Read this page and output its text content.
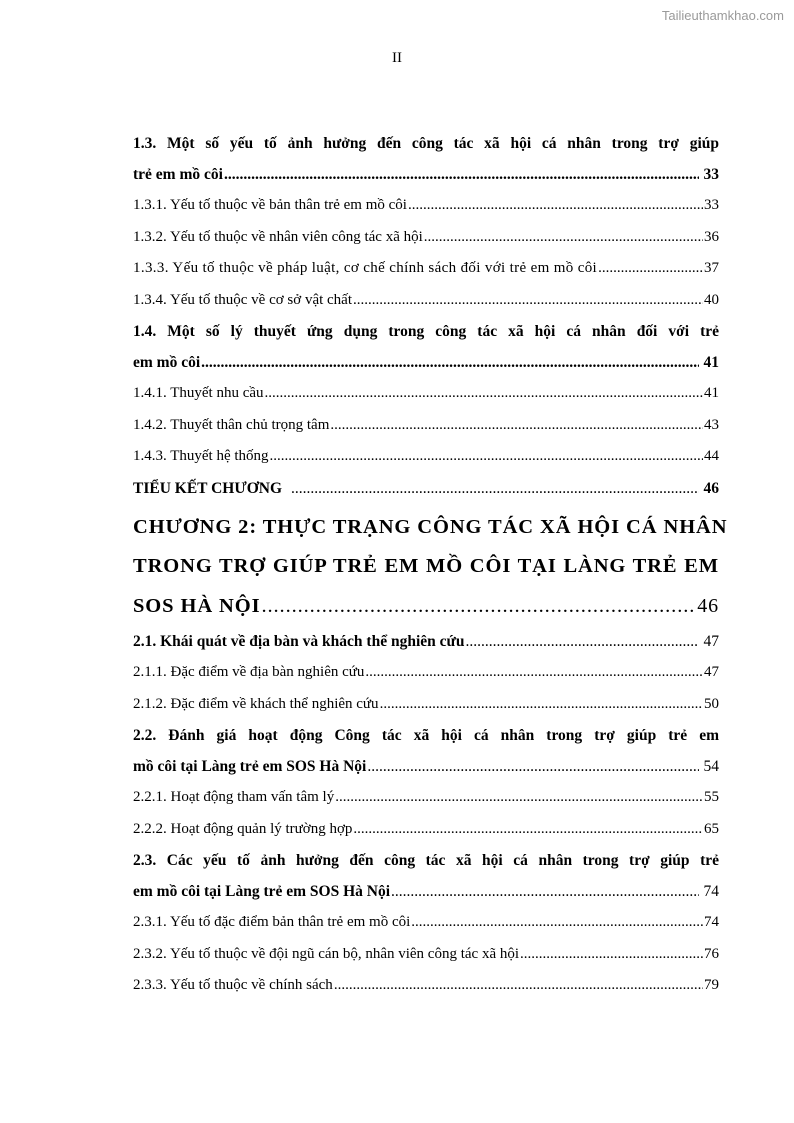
Tailieuthamkhao.com
II
1.3. Một số yếu tố ảnh hưởng đến công tác xã hội cá nhân trong trợ giúp
trẻ em mồ côi .....	33
1.3.1. Yếu tố thuộc về bản thân trẻ em mồ côi .....	33
1.3.2. Yếu tố thuộc về nhân viên công tác xã hội .....	36
1.3.3. Yếu tố thuộc về pháp luật, cơ chế chính sách đối với trẻ em mồ côi .....	37
1.3.4. Yếu tố thuộc về cơ sở vật chất .....	40
1.4. Một số lý thuyết ứng dụng trong công tác xã hội cá nhân đối với trẻ
em mồ côi .....	41
1.4.1. Thuyết nhu cầu .....	41
1.4.2. Thuyết thân chủ trọng tâm .....	43
1.4.3. Thuyết hệ thống .....	44
TIỂU KẾT CHƯƠNG .....	46
CHƯƠNG 2: THỰC TRẠNG CÔNG TÁC XÃ HỘI CÁ NHÂN
TRONG TRỢ GIÚP TRẺ EM MỒ CÔI TẠI LÀNG TRẺ EM
SOS HÀ NỘI .....	46
2.1. Khái quát về địa bàn và khách thể nghiên cứu .....	47
2.1.1. Đặc điểm về địa bàn nghiên cứu .....	47
2.1.2. Đặc điểm về khách thể nghiên cứu .....	50
2.2. Đánh giá hoạt động Công tác xã hội cá nhân trong trợ giúp trẻ em
mồ côi tại Làng trẻ em SOS Hà Nội .....	54
2.2.1. Hoạt động tham vấn tâm lý .....	55
2.2.2. Hoạt động quản lý trường hợp .....	65
2.3. Các yếu tố ảnh hưởng đến công tác xã hội cá nhân trong trợ giúp trẻ
em mồ côi tại Làng trẻ em SOS Hà Nội .....	74
2.3.1. Yếu tố đặc điểm bản thân trẻ em mồ côi .....	74
2.3.2. Yếu tố thuộc về đội ngũ cán bộ, nhân viên công tác xã hội .....	76
2.3.3. Yếu tố thuộc về chính sách .....	79
